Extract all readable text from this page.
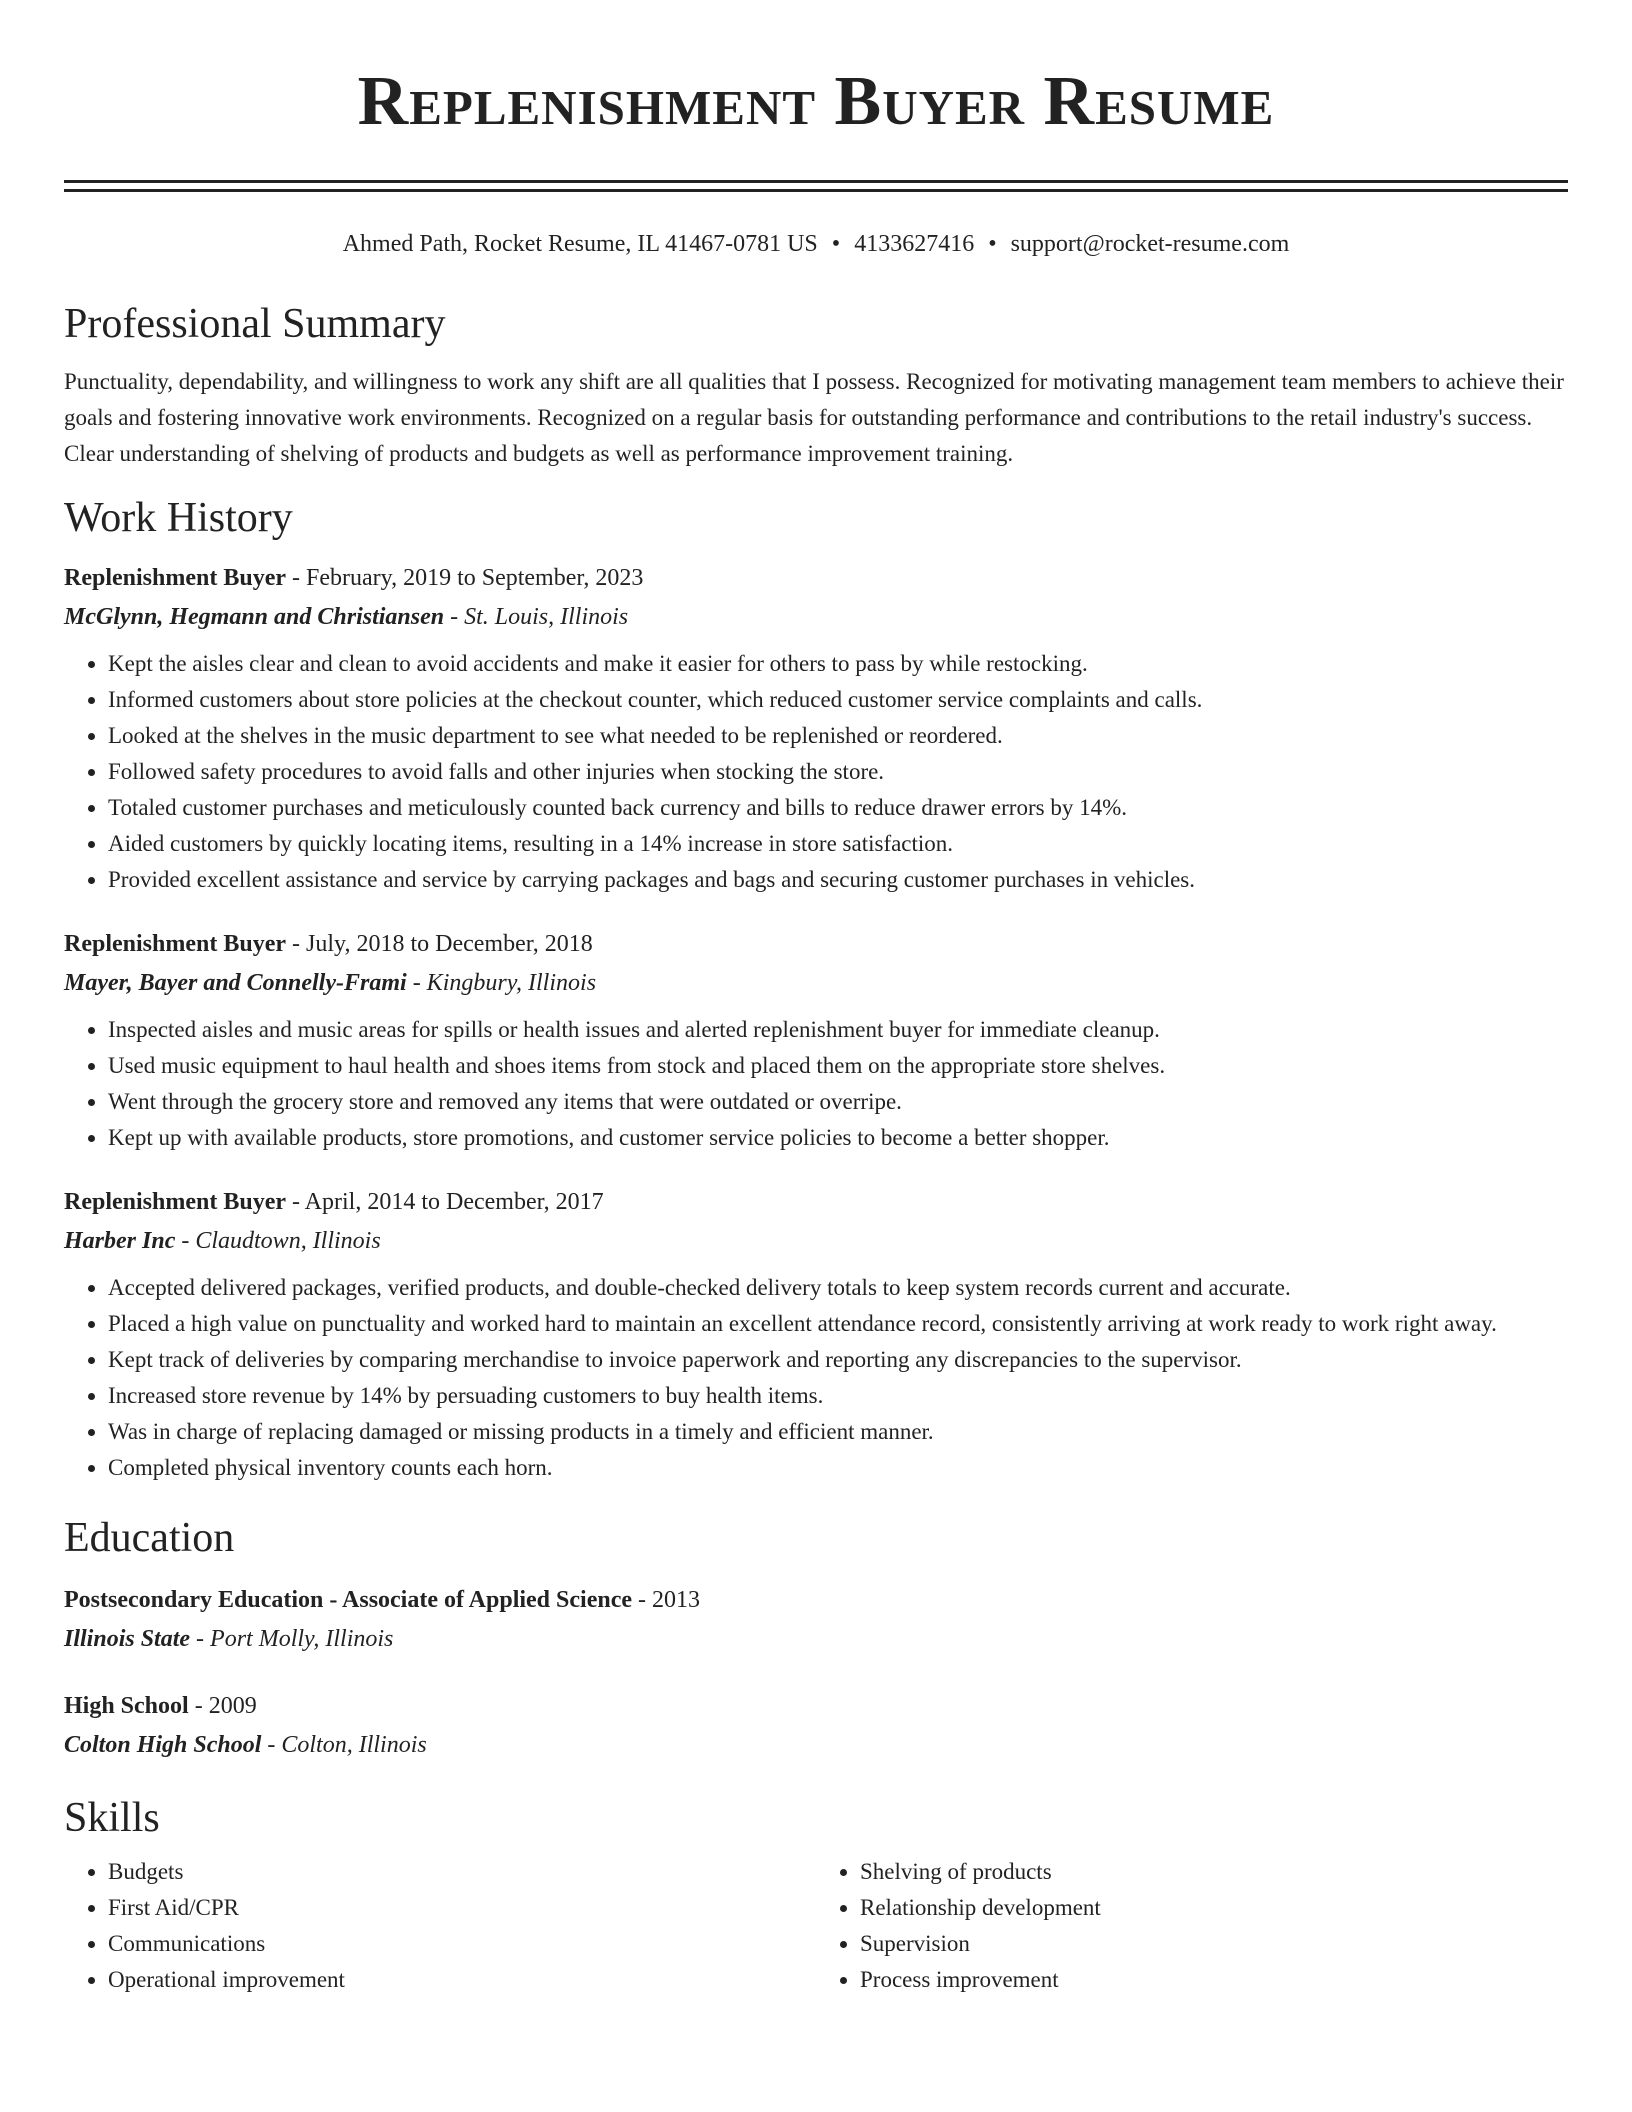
Replenishment Buyer Resume
Ahmed Path, Rocket Resume, IL 41467-0781 US • 4133627416 • support@rocket-resume.com
Professional Summary
Punctuality, dependability, and willingness to work any shift are all qualities that I possess. Recognized for motivating management team members to achieve their goals and fostering innovative work environments. Recognized on a regular basis for outstanding performance and contributions to the retail industry's success. Clear understanding of shelving of products and budgets as well as performance improvement training.
Work History
Replenishment Buyer - February, 2019 to September, 2023
McGlynn, Hegmann and Christiansen - St. Louis, Illinois
• Kept the aisles clear and clean to avoid accidents and make it easier for others to pass by while restocking.
• Informed customers about store policies at the checkout counter, which reduced customer service complaints and calls.
• Looked at the shelves in the music department to see what needed to be replenished or reordered.
• Followed safety procedures to avoid falls and other injuries when stocking the store.
• Totaled customer purchases and meticulously counted back currency and bills to reduce drawer errors by 14%.
• Aided customers by quickly locating items, resulting in a 14% increase in store satisfaction.
• Provided excellent assistance and service by carrying packages and bags and securing customer purchases in vehicles.
Replenishment Buyer - July, 2018 to December, 2018
Mayer, Bayer and Connelly-Frami - Kingbury, Illinois
• Inspected aisles and music areas for spills or health issues and alerted replenishment buyer for immediate cleanup.
• Used music equipment to haul health and shoes items from stock and placed them on the appropriate store shelves.
• Went through the grocery store and removed any items that were outdated or overripe.
• Kept up with available products, store promotions, and customer service policies to become a better shopper.
Replenishment Buyer - April, 2014 to December, 2017
Harber Inc - Claudtown, Illinois
• Accepted delivered packages, verified products, and double-checked delivery totals to keep system records current and accurate.
• Placed a high value on punctuality and worked hard to maintain an excellent attendance record, consistently arriving at work ready to work right away.
• Kept track of deliveries by comparing merchandise to invoice paperwork and reporting any discrepancies to the supervisor.
• Increased store revenue by 14% by persuading customers to buy health items.
• Was in charge of replacing damaged or missing products in a timely and efficient manner.
• Completed physical inventory counts each horn.
Education
Postsecondary Education - Associate of Applied Science - 2013
Illinois State - Port Molly, Illinois
High School - 2009
Colton High School - Colton, Illinois
Skills
• Budgets
• First Aid/CPR
• Communications
• Operational improvement
• Shelving of products
• Relationship development
• Supervision
• Process improvement
